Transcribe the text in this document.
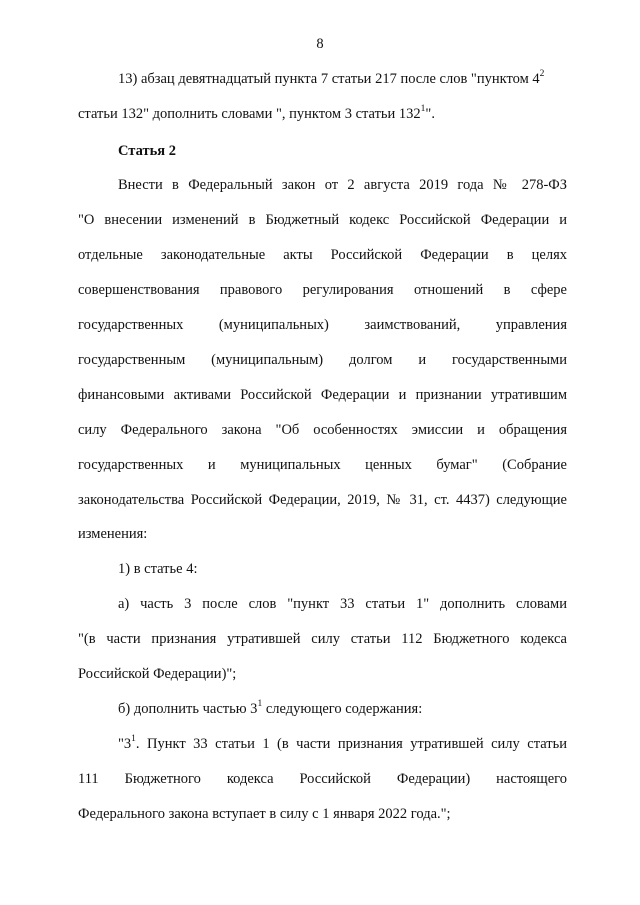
8
13) абзац девятнадцатый пункта 7 статьи 217 после слов "пунктом $4^2$
статьи 132" дополнить словами ", пунктом 3 статьи $132^1$".
Статья 2
Внести в Федеральный закон от 2 августа 2019 года № 278-ФЗ
"О внесении изменений в Бюджетный кодекс Российской Федерации и
отдельные законодательные акты Российской Федерации в целях
совершенствования правового регулирования отношений в сфере
государственных (муниципальных) заимствований, управления
государственным (муниципальным) долгом и государственными
финансовыми активами Российской Федерации и признании утратившим
силу Федерального закона "Об особенностях эмиссии и обращения
государственных и муниципальных ценных бумаг" (Собрание
законодательства Российской Федерации, 2019, № 31, ст. 4437) следующие
изменения:
1) в статье 4:
а) часть 3 после слов "пункт 33 статьи 1" дополнить словами
"(в части признания утратившей силу статьи 112 Бюджетного кодекса
Российской Федерации)";
б) дополнить частью $3^1$ следующего содержания:
"$3^1$. Пункт 33 статьи 1 (в части признания утратившей силу статьи
111 Бюджетного кодекса Российской Федерации) настоящего
Федерального закона вступает в силу с 1 января 2022 года.";
